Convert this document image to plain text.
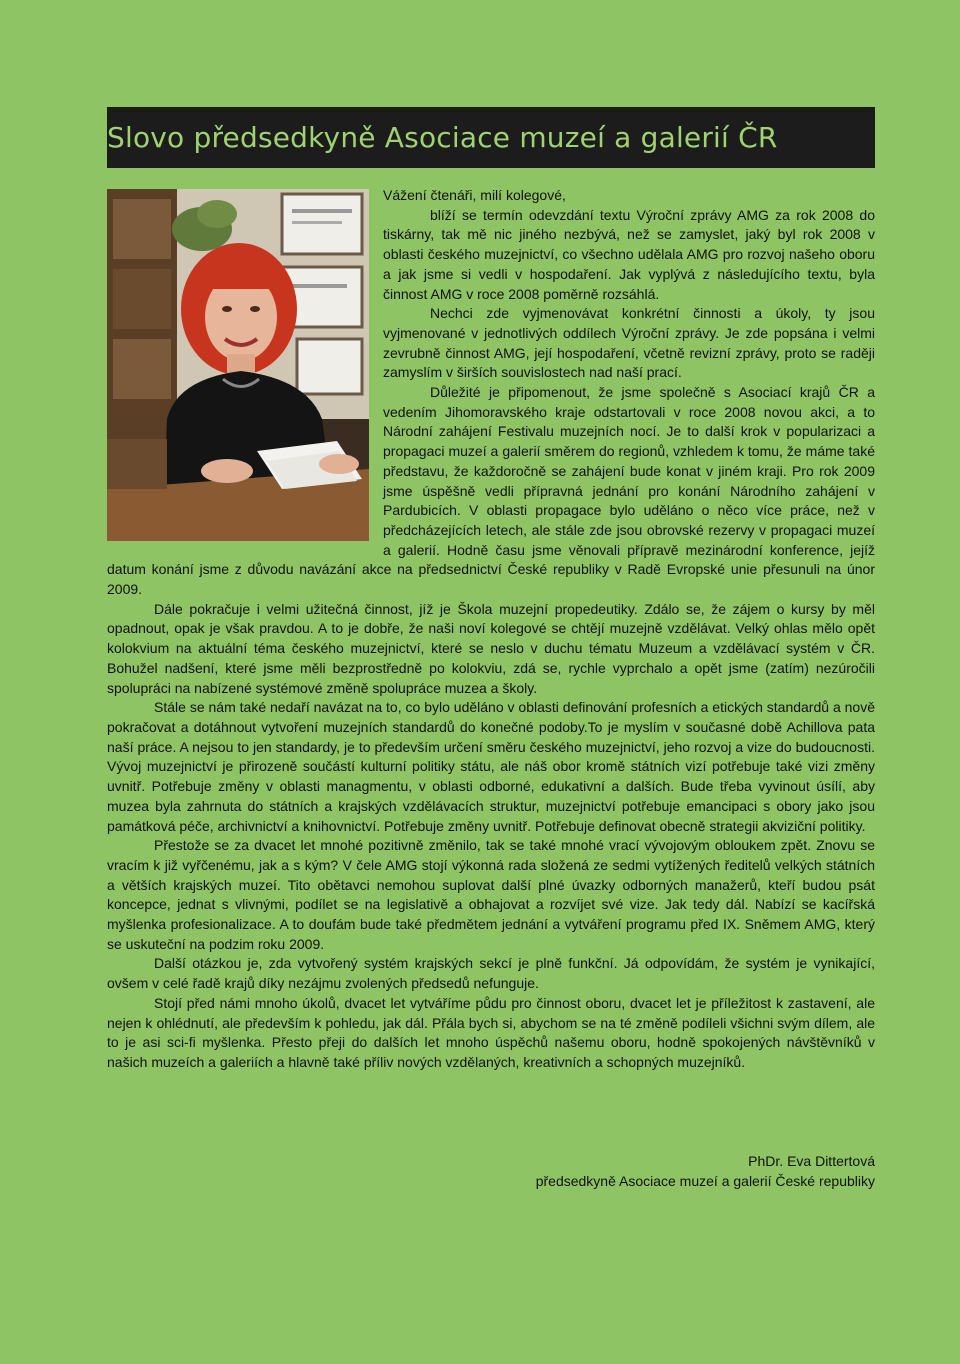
Slovo předsedkyně Asociace muzeí a galerií ČR

Vážení čtenáři, milí kolegové,

blíží se termín odevzdání textu Výroční zprávy AMG za rok 2008 do tiskárny, tak mě nic jiného nezbývá, než se zamyslet, jaký byl rok 2008 v oblasti českého muzejnictví, co všechno udělala AMG pro rozvoj našeho oboru a jak jsme si vedli v hospodaření. Jak vyplývá z následujícího textu, byla činnost AMG v roce 2008 poměrně rozsáhlá.

Nechci zde vyjmenovávat konkrétní činnosti a úkoly, ty jsou vyjmenované v jednotlivých oddílech Výroční zprávy. Je zde popsána i velmi zevrubně činnost AMG, její hospodaření, včetně revizní zprávy, proto se raději zamyslím v širších souvislostech nad naší prací.

Důležité je připomenout, že jsme společně s Asociací krajů ČR a vedením Jihomoravského kraje odstartovali v roce 2008 novou akci, a to Národní zahájení Festivalu muzejních nocí. Je to další krok v popularizaci a propagaci muzeí a galerií směrem do regionů, vzhledem k tomu, že máme také představu, že každoročně se zahájení bude konat v jiném kraji. Pro rok 2009 jsme úspěšně vedli přípravná jednání pro konání Národního zahájení v Pardubicích. V oblasti propagace bylo uděláno o něco více práce, než v předcházejících letech, ale stále zde jsou obrovské rezervy v propagaci muzeí a galerií. Hodně času jsme věnovali přípravě mezinárodní konference, jejíž datum konání jsme z důvodu navázání akce na předsednictví České republiky v Radě Evropské unie přesunuli na únor 2009.

Dále pokračuje i velmi užitečná činnost, jíž je Škola muzejní propedeutiky. Zdálo se, že zájem o kursy by měl opadnout, opak je však pravdou. A to je dobře, že naši noví kolegové se chtějí muzejně vzdělávat. Velký ohlas mělo opět kolokvium na aktuální téma českého muzejnictví, které se neslo v duchu tématu Muzeum a vzdělávací systém v ČR. Bohužel nadšení, které jsme měli bezprostředně po kolokviu, zdá se, rychle vyprchalo a opět jsme (zatím) nezúročili spolupráci na nabízené systémové změně spolupráce muzea a školy.

Stále se nám také nedaří navázat na to, co bylo uděláno v oblasti definování profesních a etických standardů a nově pokračovat a dotáhnout vytvoření muzejních standardů do konečné podoby.To je myslím v současné době Achillova pata naší práce. A nejsou to jen standardy, je to především určení směru českého muzejnictví, jeho rozvoj a vize do budoucnosti. Vývoj muzejnictví je přirozeně součástí kulturní politiky státu, ale náš obor kromě státních vizí potřebuje také vizi změny uvnitř. Potřebuje změny v oblasti managmentu, v oblasti odborné, edukativní a dalších. Bude třeba vyvinout úsílí, aby muzea byla zahrnuta do státních a krajských vzdělávacích struktur, muzejnictví potřebuje emancipaci s obory jako jsou památková péče, archivnictví a knihovnictví. Potřebuje změny uvnitř. Potřebuje definovat obecně strategii akviziční politiky.

Přestože se za dvacet let mnohé pozitivně změnilo, tak se také mnohé vrací vývojovým obloukem zpět. Znovu se vracím k již vyřčenému, jak a s kým? V čele AMG stojí výkonná rada složená ze sedmi vytížených ředitelů velkých státních a větších krajských muzeí. Tito obětavci nemohou suplovat další plné úvazky odborných manažerů, kteří budou psát koncepce, jednat s vlivnými, podílet se na legislativě a obhajovat a rozvíjet své vize. Jak tedy dál. Nabízí se kacířská myšlenka profesionalizace. A to doufám bude také předmětem jednání a vytváření programu před IX. Sněmem AMG, který se uskuteční na podzim roku 2009.

Další otázkou je, zda vytvořený systém krajských sekcí je plně funkční. Já odpovídám, že systém je vynikající, ovšem v celé řadě krajů díky nezájmu zvolených předsedů nefunguje.

Stojí před námi mnoho úkolů, dvacet let vytváříme půdu pro činnost oboru, dvacet let je příležitost k zastavení, ale nejen k ohlédnutí, ale především k pohledu, jak dál. Přála bych si, abychom se na té změně podíleli všichni svým dílem, ale to je asi sci-fi myšlenka. Přesto přeji do dalších let mnoho úspěchů našemu oboru, hodně spokojených návštěvníků v našich muzeích a galeriích a hlavně také příliv nových vzdělaných, kreativních a schopných muzejníků.

PhDr. Eva Dittertová
předsedkyně Asociace muzeí a galerií České republiky
